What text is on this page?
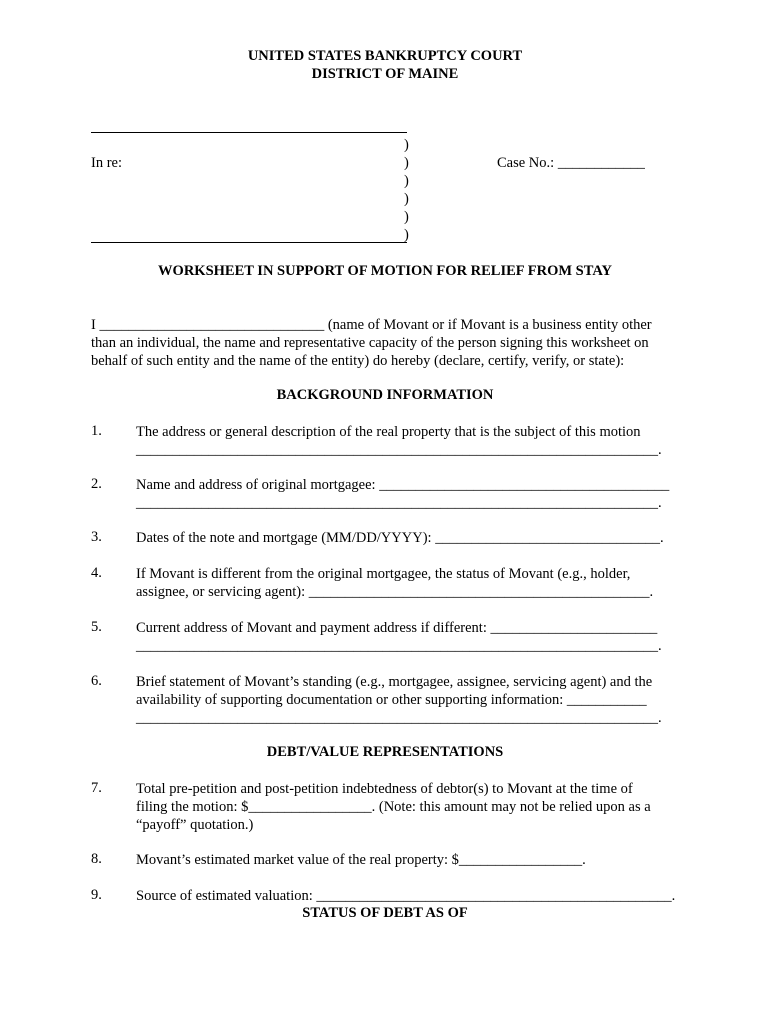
UNITED STATES BANKRUPTCY COURT
DISTRICT OF MAINE
In re:	Case No.: ____________
)
)
)
)
)
)
WORKSHEET IN SUPPORT OF MOTION FOR RELIEF FROM STAY
I _______________________________ (name of Movant or if Movant is a business entity other
than an individual, the name and representative capacity of the person signing this worksheet on
behalf of such entity and the name of the entity) do hereby (declare, certify, verify, or state):
BACKGROUND INFORMATION
1. The address or general description of the real property that is the subject of this motion
________________________________________________________________________.
2. Name and address of original mortgagee: ________________________________________
________________________________________________________________________.
3. Dates of the note and mortgage (MM/DD/YYYY): _______________________________.
4. If Movant is different from the original mortgagee, the status of Movant (e.g., holder,
assignee, or servicing agent): _______________________________________________.
5. Current address of Movant and payment address if different: _______________________
________________________________________________________________________.
6. Brief statement of Movant’s standing (e.g., mortgagee, assignee, servicing agent) and the
availability of supporting documentation or other supporting information: ___________
________________________________________________________________________.
DEBT/VALUE REPRESENTATIONS
7. Total pre-petition and post-petition indebtedness of debtor(s) to Movant at the time of
filing the motion: $_________________. (Note: this amount may not be relied upon as a
“payoff” quotation.)
8. Movant’s estimated market value of the real property: $_________________.
9. Source of estimated valuation: _________________________________________________.
STATUS OF DEBT AS OF
